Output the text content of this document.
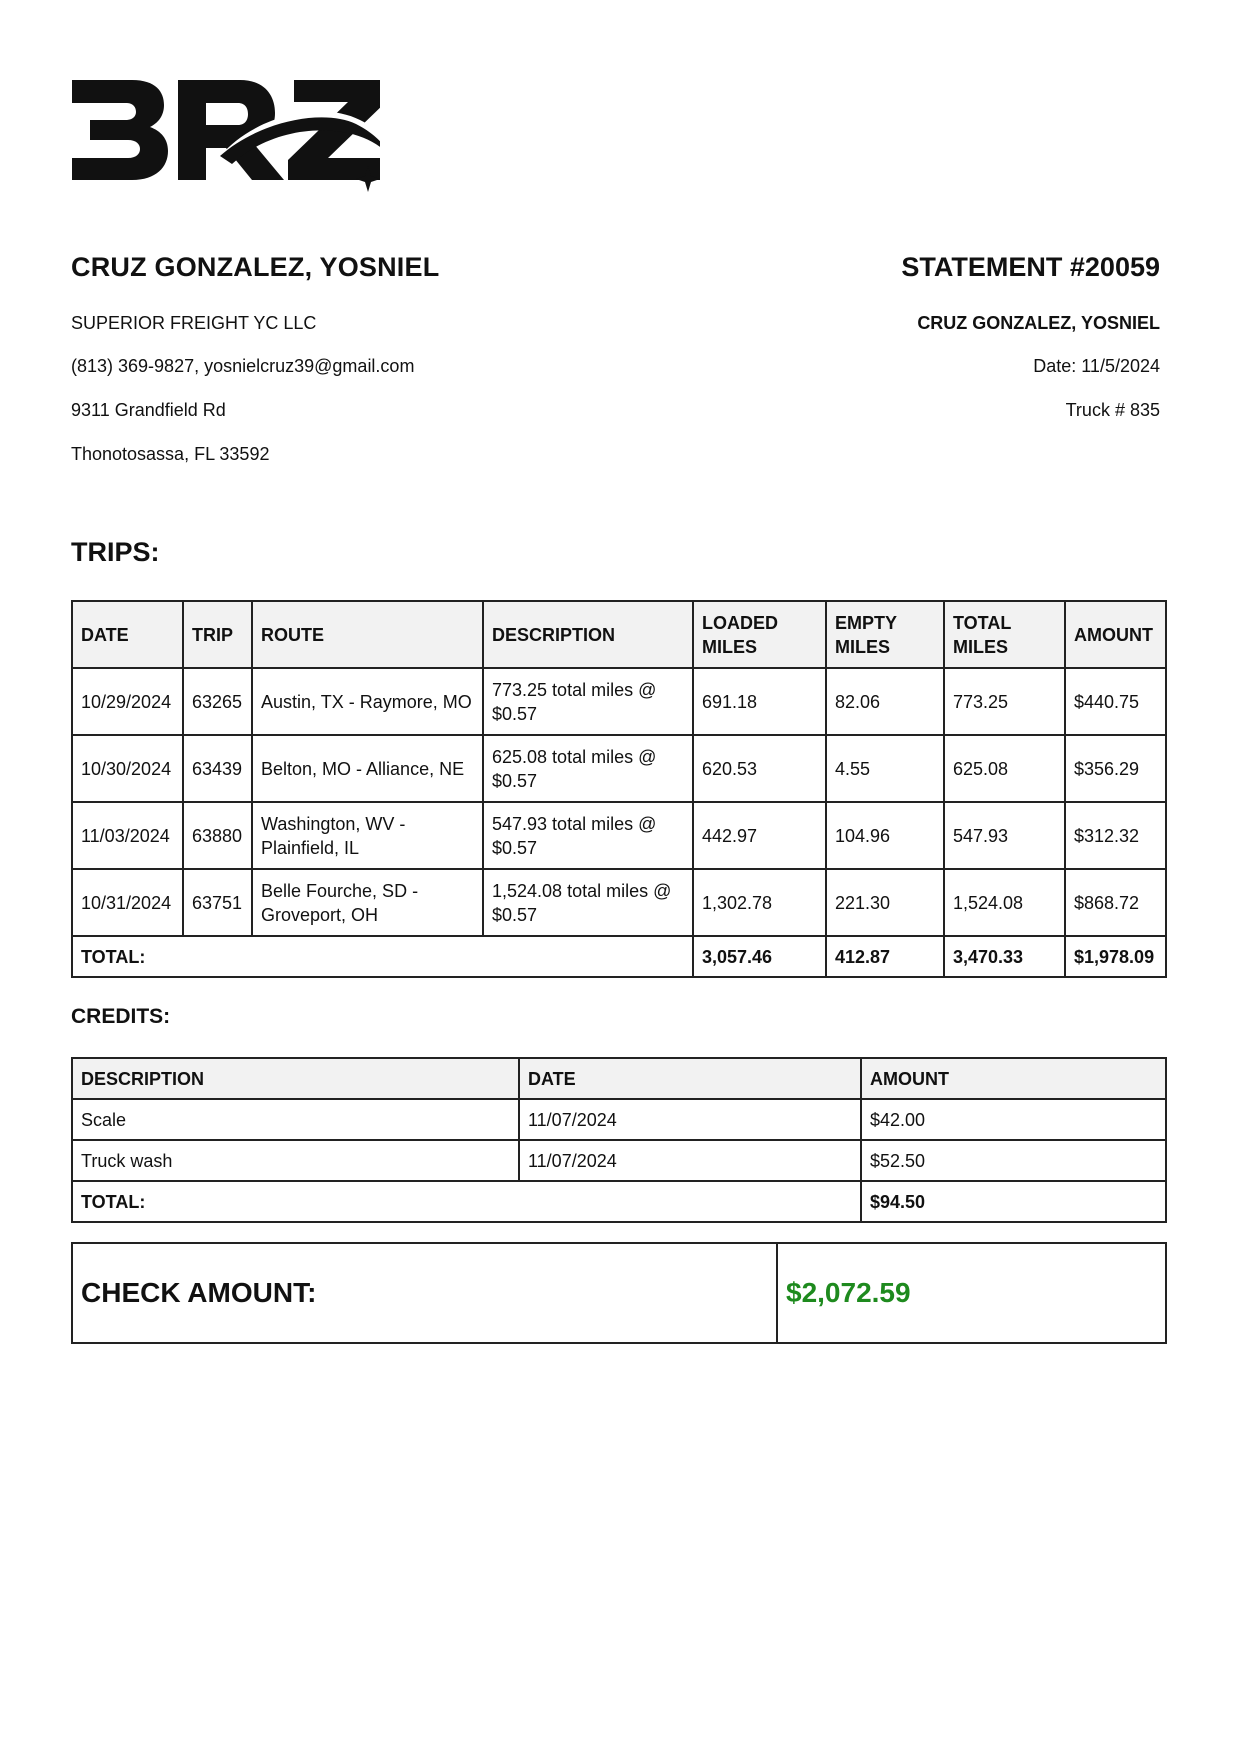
CRUZ GONZALEZ, YOSNIEL
SUPERIOR FREIGHT YC LLC
(813) 369-9827, yosnielcruz39@gmail.com
9311 Grandfield Rd
Thonotosassa, FL 33592
STATEMENT #20059
CRUZ GONZALEZ, YOSNIEL
Date: 11/5/2024
Truck # 835
TRIPS:
DATE	TRIP	ROUTE	DESCRIPTION	LOADED MILES	EMPTY MILES	TOTAL MILES	AMOUNT
10/29/2024	63265	Austin, TX - Raymore, MO	773.25 total miles @ $0.57	691.18	82.06	773.25	$440.75
10/30/2024	63439	Belton, MO - Alliance, NE	625.08 total miles @ $0.57	620.53	4.55	625.08	$356.29
11/03/2024	63880	Washington, WV - Plainfield, IL	547.93 total miles @ $0.57	442.97	104.96	547.93	$312.32
10/31/2024	63751	Belle Fourche, SD - Groveport, OH	1,524.08 total miles @ $0.57	1,302.78	221.30	1,524.08	$868.72
TOTAL:				3,057.46	412.87	3,470.33	$1,978.09
CREDITS:
DESCRIPTION	DATE	AMOUNT
Scale	11/07/2024	$42.00
Truck wash	11/07/2024	$52.50
TOTAL:		$94.50
CHECK AMOUNT:	$2,072.59
